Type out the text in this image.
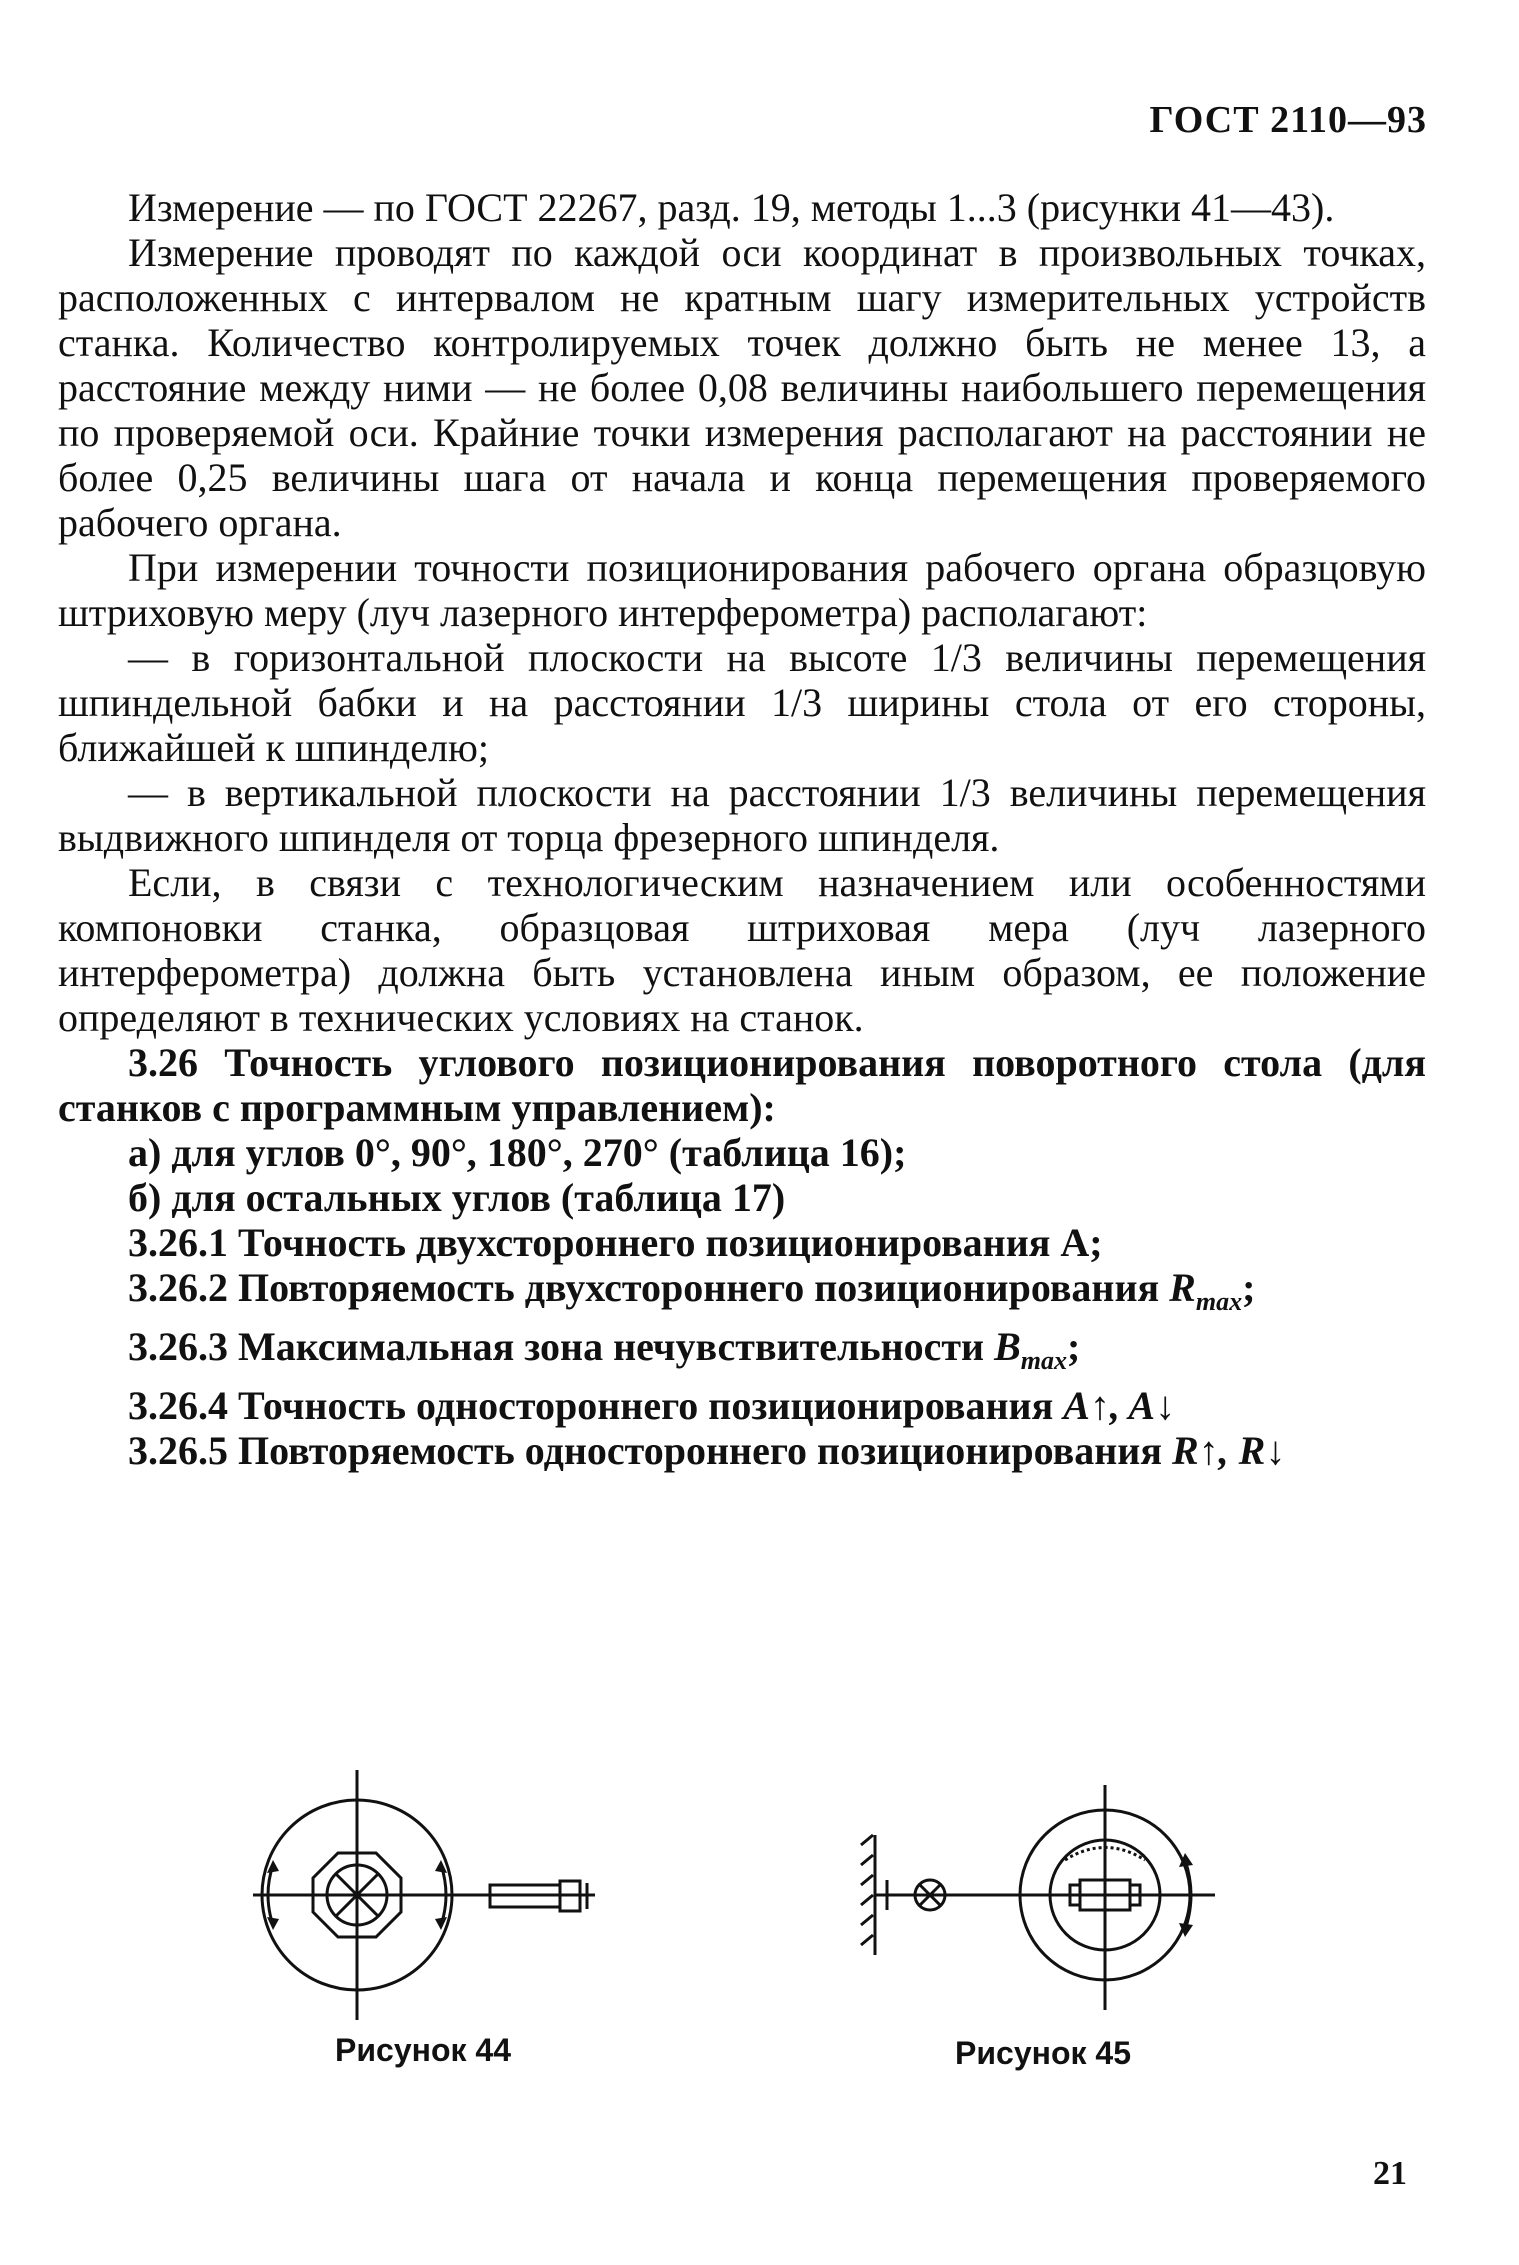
ГОСТ 2110—93

Измерение — по ГОСТ 22267, разд. 19, методы 1...3 (рисунки 41—43).

Измерение проводят по каждой оси координат в произвольных точках, расположенных с интервалом не кратным шагу измерительных устройств станка. Количество контролируемых точек должно быть не менее 13, а расстояние между ними — не более 0,08 величины наибольшего перемещения по проверяемой оси. Крайние точки измерения располагают на расстоянии не более 0,25 величины шага от начала и конца перемещения проверяемого рабочего органа.

При измерении точности позиционирования рабочего органа образцовую штриховую меру (луч лазерного интерферометра) располагают:

— в горизонтальной плоскости на высоте 1/3 величины перемещения шпиндельной бабки и на расстоянии 1/3 ширины стола от его стороны, ближайшей к шпинделю;

— в вертикальной плоскости на расстоянии 1/3 величины перемещения выдвижного шпинделя от торца фрезерного шпинделя.

Если, в связи с технологическим назначением или особенностями компоновки станка, образцовая штриховая мера (луч лазерного интерферометра) должна быть установлена иным образом, ее положение определяют в технических условиях на станок.

3.26 Точность углового позиционирования поворотного стола (для станков с программным управлением):

а) для углов 0°, 90°, 180°, 270° (таблица 16);
б) для остальных углов (таблица 17)
3.26.1 Точность двухстороннего позиционирования А;
3.26.2 Повторяемость двухстороннего позиционирования $R_{max}$;
3.26.3 Максимальная зона нечувствительности $B_{max}$;
3.26.4 Точность одностороннего позиционирования A↑, A↓
3.26.5 Повторяемость одностороннего позиционирования R↑, R↓
Рисунок 44	Рисунок 45
21
